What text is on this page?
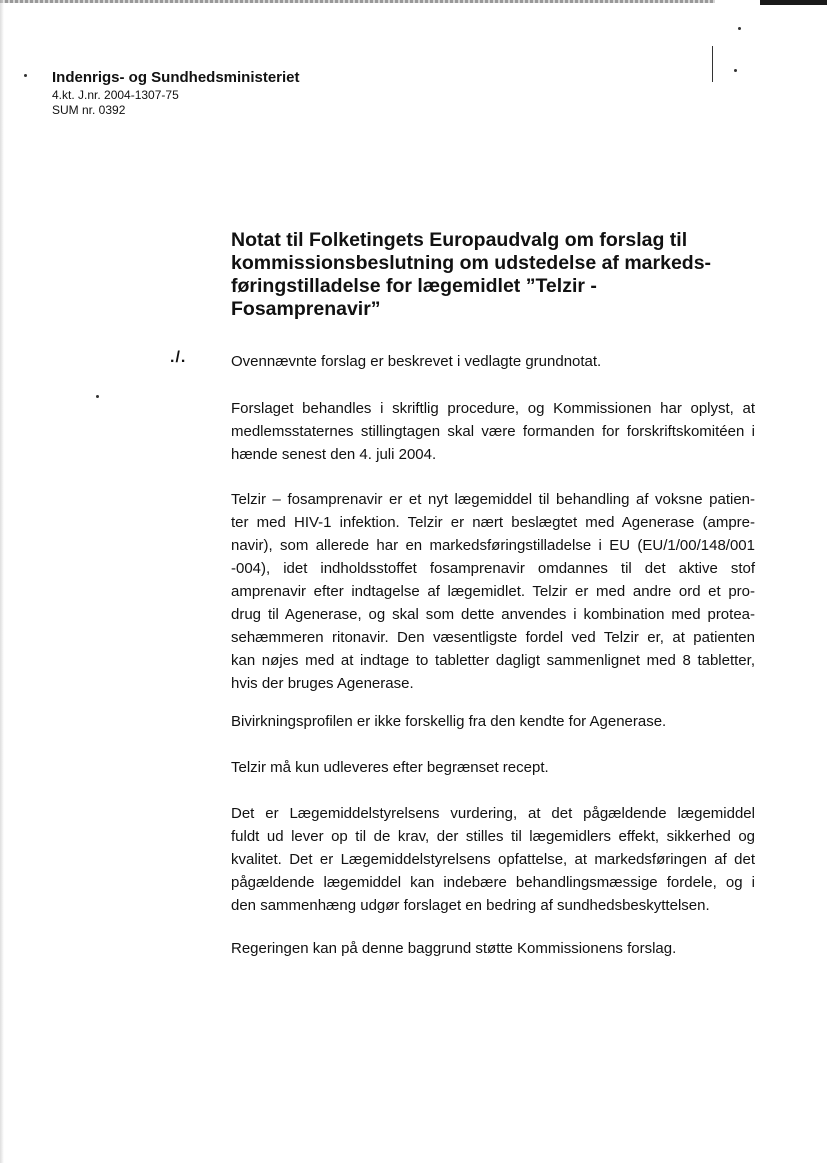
Indenrigs- og Sundhedsministeriet
4.kt. J.nr. 2004-1307-75
SUM nr. 0392
Notat til Folketingets Europaudvalg om forslag til
kommissionsbeslutning om udstedelse af markeds-
føringstilladelse for lægemidlet ”Telzir -
Fosamprenavir”
./.	Ovennævnte forslag er beskrevet i vedlagte grundnotat.

Forslaget behandles i skriftlig procedure, og Kommissionen har oplyst, at
medlemsstaternes stillingtagen skal være formanden for forskriftskomitéen i
hænde senest den 4. juli 2004.

Telzir – fosamprenavir er et nyt lægemiddel til behandling af voksne patien-
ter med HIV-1 infektion. Telzir er nært beslægtet med Agenerase (ampre-
navir), som allerede har en markedsføringstilladelse i EU (EU/1/00/148/001
-004), idet indholdsstoffet fosamprenavir omdannes til det aktive stof
amprenavir efter indtagelse af lægemidlet. Telzir er med andre ord et pro-
drug til Agenerase, og skal som dette anvendes i kombination med protea-
sehæmmeren ritonavir. Den væsentligste fordel ved Telzir er, at patienten
kan nøjes med at indtage to tabletter dagligt sammenlignet med 8 tabletter,
hvis der bruges Agenerase.

Bivirkningsprofilen er ikke forskellig fra den kendte for Agenerase.

Telzir må kun udleveres efter begrænset recept.

Det er Lægemiddelstyrelsens vurdering, at det pågældende lægemiddel
fuldt ud lever op til de krav, der stilles til lægemidlers effekt, sikkerhed og
kvalitet. Det er Lægemiddelstyrelsens opfattelse, at markedsføringen af det
pågældende lægemiddel kan indebære behandlingsmæssige fordele, og i
den sammenhæng udgør forslaget en bedring af sundhedsbeskyttelsen.

Regeringen kan på denne baggrund støtte Kommissionens forslag.
